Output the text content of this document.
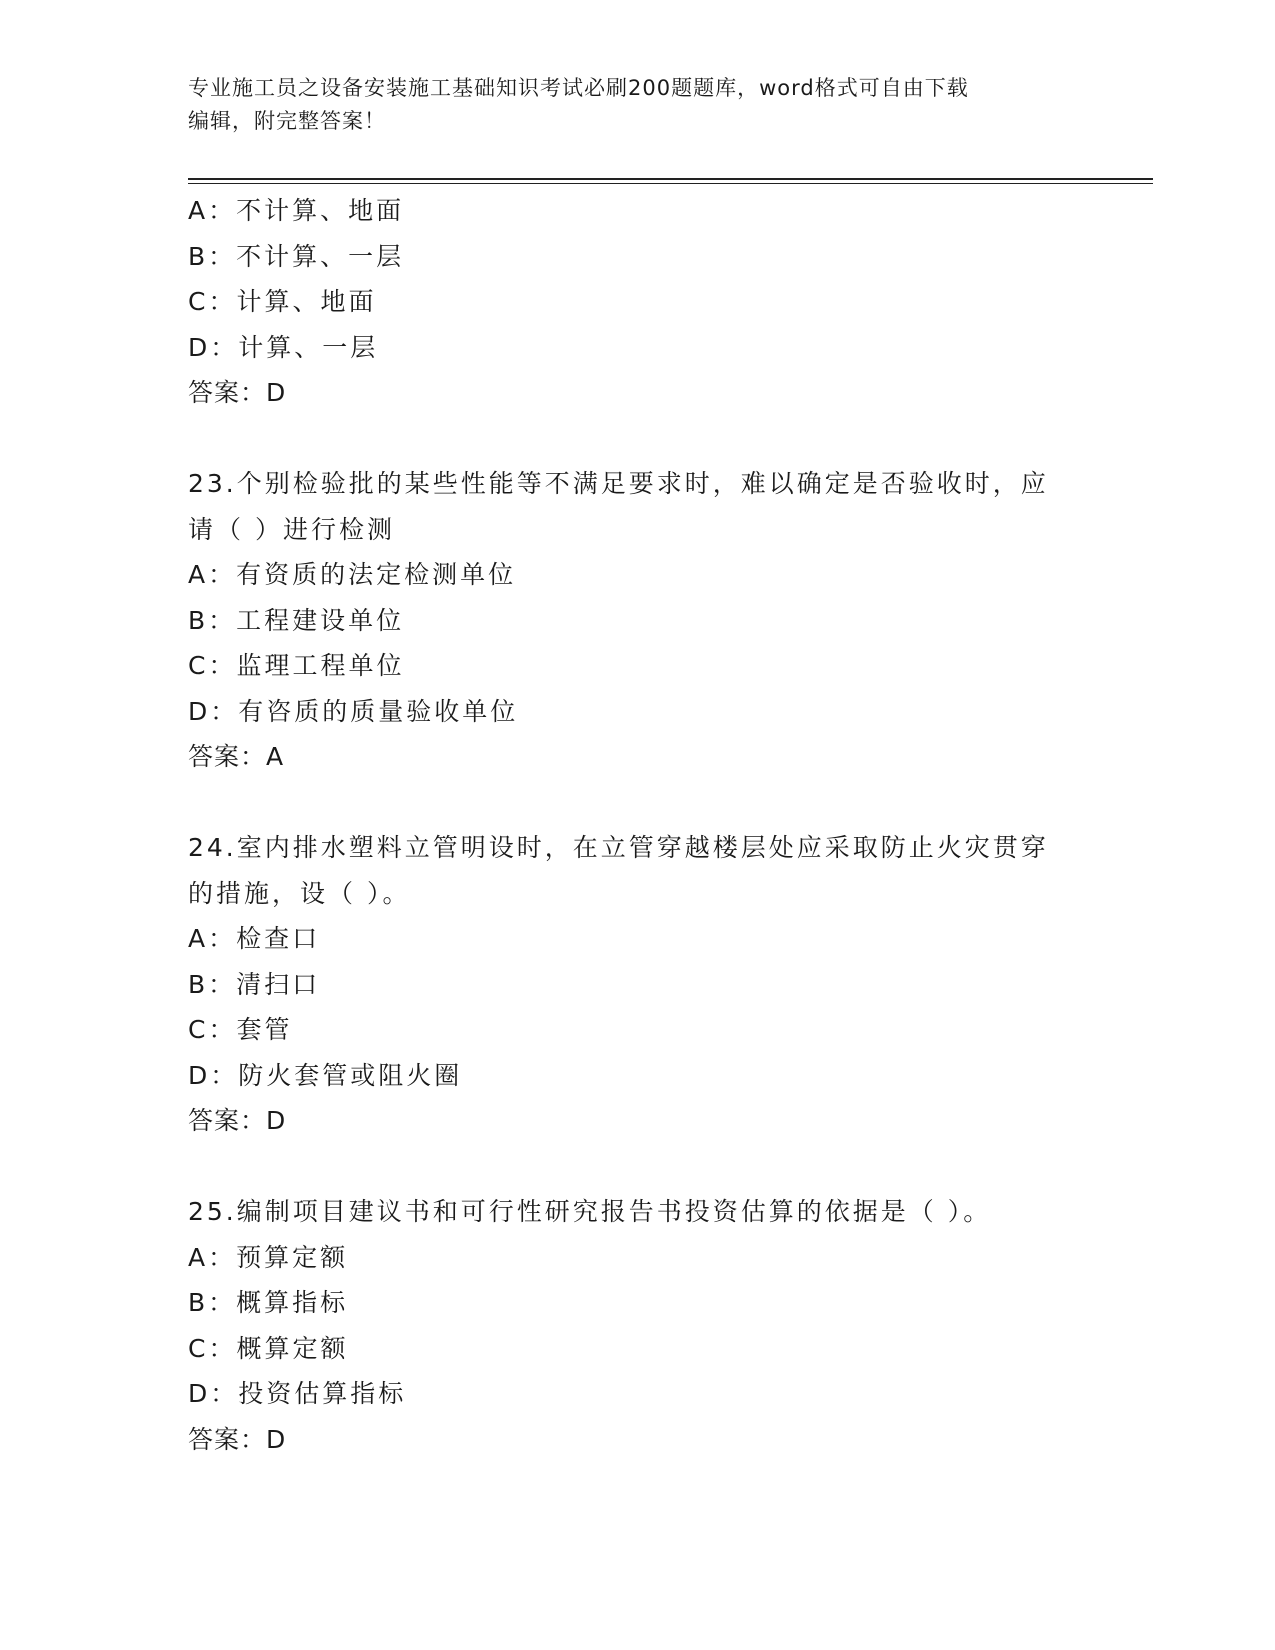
专业施工员之设备安装施工基础知识考试必刷200题题库，word格式可自由下载
编辑，附完整答案！
A：不计算、地面
B：不计算、一层
C：计算、地面
D：计算、一层
答案：D
23.个别检验批的某些性能等不满足要求时，难以确定是否验收时，应
请（ ）进行检测
A：有资质的法定检测单位
B：工程建设单位
C：监理工程单位
D：有咨质的质量验收单位
答案：A
24.室内排水塑料立管明设时，在立管穿越楼层处应采取防止火灾贯穿
的措施，设（ ）。
A：检查口
B：清扫口
C：套管
D：防火套管或阻火圈
答案：D
25.编制项目建议书和可行性研究报告书投资估算的依据是（ ）。
A：预算定额
B：概算指标
C：概算定额
D：投资估算指标
答案：D
